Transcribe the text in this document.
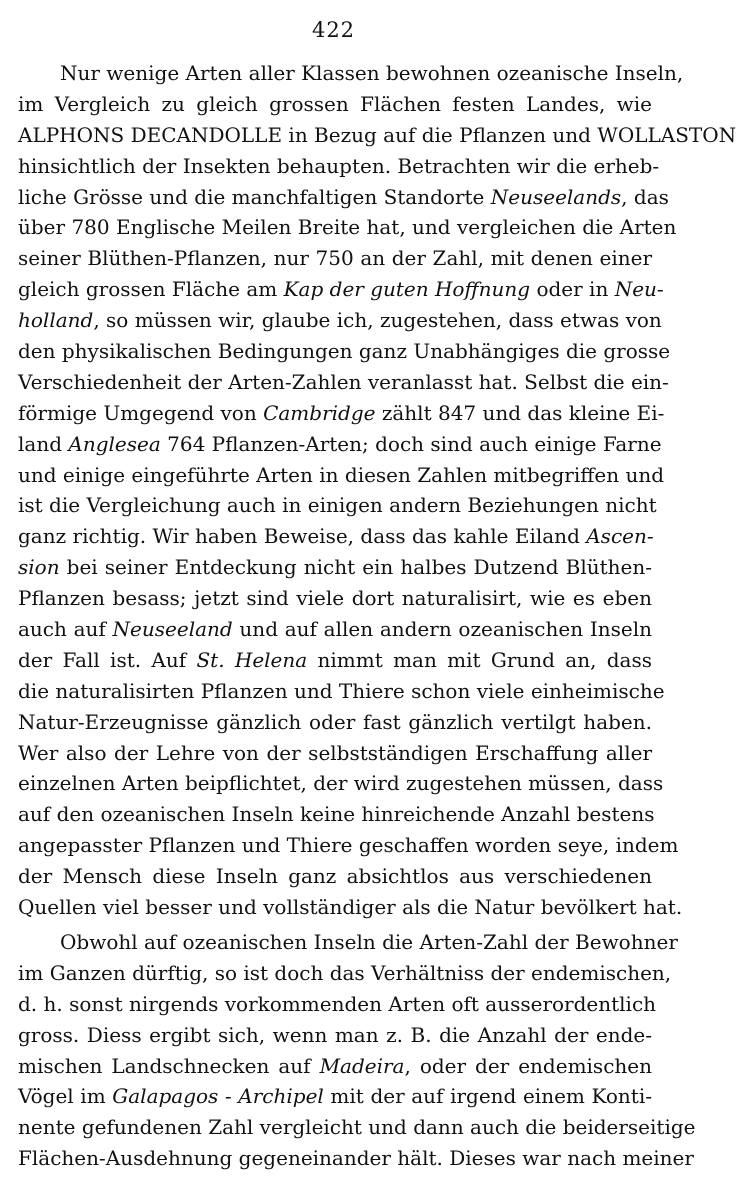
422
Nur wenige Arten aller Klassen bewohnen ozeanische Inseln,
im Vergleich zu gleich grossen Flächen festen Landes, wie
ALPHONS DECANDOLLE in Bezug auf die Pflanzen und WOLLASTON
hinsichtlich der Insekten behaupten. Betrachten wir die erheb-
liche Grösse und die manchfaltigen Standorte Neuseelands, das
über 780 Englische Meilen Breite hat, und vergleichen die Arten
seiner Blüthen-Pflanzen, nur 750 an der Zahl, mit denen einer
gleich grossen Fläche am Kap der guten Hoffnung oder in Neu-
holland, so müssen wir, glaube ich, zugestehen, dass etwas von
den physikalischen Bedingungen ganz Unabhängiges die grosse
Verschiedenheit der Arten-Zahlen veranlasst hat. Selbst die ein-
förmige Umgegend von Cambridge zählt 847 und das kleine Ei-
land Anglesea 764 Pflanzen-Arten; doch sind auch einige Farne
und einige eingeführte Arten in diesen Zahlen mitbegriffen und
ist die Vergleichung auch in einigen andern Beziehungen nicht
ganz richtig. Wir haben Beweise, dass das kahle Eiland Ascen-
sion bei seiner Entdeckung nicht ein halbes Dutzend Blüthen-
Pflanzen besass; jetzt sind viele dort naturalisirt, wie es eben
auch auf Neuseeland und auf allen andern ozeanischen Inseln
der Fall ist. Auf St. Helena nimmt man mit Grund an, dass
die naturalisirten Pflanzen und Thiere schon viele einheimische
Natur-Erzeugnisse gänzlich oder fast gänzlich vertilgt haben.
Wer also der Lehre von der selbstständigen Erschaffung aller
einzelnen Arten beipflichtet, der wird zugestehen müssen, dass
auf den ozeanischen Inseln keine hinreichende Anzahl bestens
angepasster Pflanzen und Thiere geschaffen worden seye, indem
der Mensch diese Inseln ganz absichtlos aus verschiedenen
Quellen viel besser und vollständiger als die Natur bevölkert hat.
Obwohl auf ozeanischen Inseln die Arten-Zahl der Bewohner
im Ganzen dürftig, so ist doch das Verhältniss der endemischen,
d. h. sonst nirgends vorkommenden Arten oft ausserordentlich
gross. Diess ergibt sich, wenn man z. B. die Anzahl der ende-
mischen Landschnecken auf Madeira, oder der endemischen
Vögel im Galapagos - Archipel mit der auf irgend einem Konti-
nente gefundenen Zahl vergleicht und dann auch die beiderseitige
Flächen-Ausdehnung gegeneinander hält. Dieses war nach meiner
